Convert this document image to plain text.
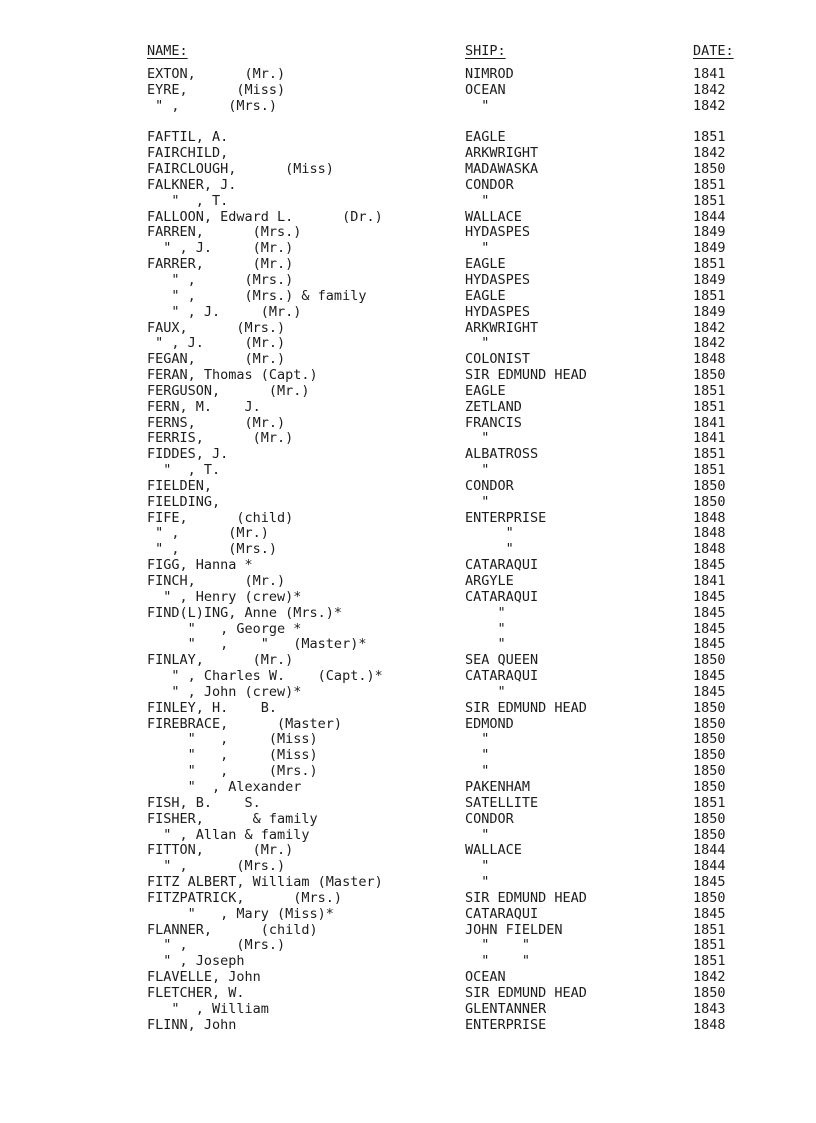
NAME:	SHIP:	DATE:
EXTON,      (Mr.)	NIMROD	1841
EYRE,      (Miss)	OCEAN	1842
" ,      (Mrs.)	"	1842
FAFTIL, A.	EAGLE	1851
FAIRCHILD,	ARKWRIGHT	1842
FAIRCLOUGH,      (Miss)	MADAWASKA	1850
FALKNER, J.	CONDOR	1851
"  , T.	"	1851
FALLOON, Edward L.      (Dr.)	WALLACE	1844
FARREN,      (Mrs.)	HYDASPES	1849
" , J.     (Mr.)	"	1849
FARRER,      (Mr.)	EAGLE	1851
" ,      (Mrs.)	HYDASPES	1849
" ,      (Mrs.) & family	EAGLE	1851
" , J.     (Mr.)	HYDASPES	1849
FAUX,      (Mrs.)	ARKWRIGHT	1842
" , J.     (Mr.)	"	1842
FEGAN,      (Mr.)	COLONIST	1848
FERAN, Thomas (Capt.)	SIR EDMUND HEAD	1850
FERGUSON,      (Mr.)	EAGLE	1851
FERN, M.    J.	ZETLAND	1851
FERNS,      (Mr.)	FRANCIS	1841
FERRIS,      (Mr.)	"	1841
FIDDES, J.	ALBATROSS	1851
"  , T.	"	1851
FIELDEN,	CONDOR	1850
FIELDING,	"	1850
FIFE,      (child)	ENTERPRISE	1848
" ,      (Mr.)	"	1848
" ,      (Mrs.)	"	1848
FIGG, Hanna *	CATARAQUI	1845
FINCH,      (Mr.)	ARGYLE	1841
" , Henry (crew)*	CATARAQUI	1845
FIND(L)ING, Anne (Mrs.)*	"	1845
"   , George *	"	1845
"   ,    "   (Master)*	"	1845
FINLAY,      (Mr.)	SEA QUEEN	1850
" , Charles W.    (Capt.)*	CATARAQUI	1845
" , John (crew)*	"	1845
FINLEY, H.    B.	SIR EDMUND HEAD	1850
FIREBRACE,      (Master)	EDMOND	1850
"   ,     (Miss)	"	1850
"   ,     (Miss)	"	1850
"   ,     (Mrs.)	"	1850
"  , Alexander	PAKENHAM	1850
FISH, B.    S.	SATELLITE	1851
FISHER,      & family	CONDOR	1850
" , Allan & family	"	1850
FITTON,      (Mr.)	WALLACE	1844
" ,      (Mrs.)	"	1844
FITZ ALBERT, William (Master)	"	1845
FITZPATRICK,      (Mrs.)	SIR EDMUND HEAD	1850
"   , Mary (Miss)*	CATARAQUI	1845
FLANNER,      (child)	JOHN FIELDEN	1851
" ,      (Mrs.)	"    "	1851
" , Joseph	"    "	1851
FLAVELLE, John	OCEAN	1842
FLETCHER, W.	SIR EDMUND HEAD	1850
"  , William	GLENTANNER	1843
FLINN, John	ENTERPRISE	1848
